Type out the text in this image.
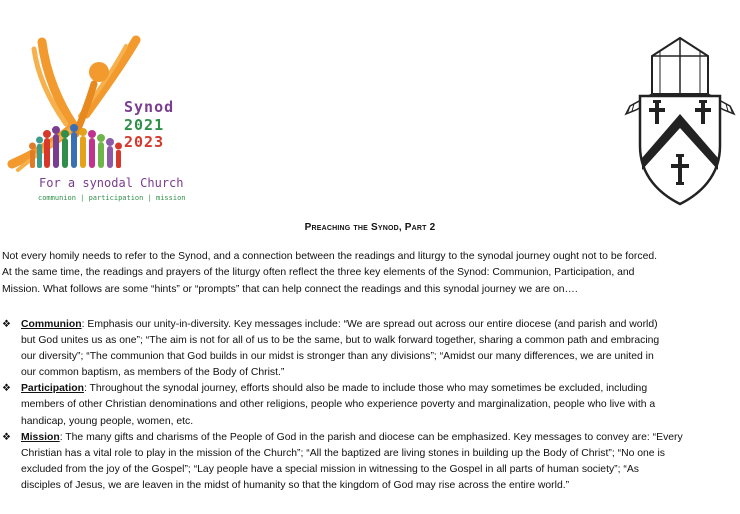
Synod
2021
2023
For a synodal Church
communion | participation | mission
Preaching the Synod, Part 2
Not every homily needs to refer to the Synod, and a connection between the readings and liturgy to the synodal journey ought not to be forced.
At the same time, the readings and prayers of the liturgy often reflect the three key elements of the Synod: Communion, Participation, and
Mission. What follows are some “hints” or “prompts” that can help connect the readings and this synodal journey we are on….
❖ Communion: Emphasis our unity-in-diversity. Key messages include: “We are spread out across our entire diocese (and parish and world)
but God unites us as one”; “The aim is not for all of us to be the same, but to walk forward together, sharing a common path and embracing
our diversity”; “The communion that God builds in our midst is stronger than any divisions”; “Amidst our many differences, we are united in
our common baptism, as members of the Body of Christ.”
❖ Participation: Throughout the synodal journey, efforts should also be made to include those who may sometimes be excluded, including
members of other Christian denominations and other religions, people who experience poverty and marginalization, people who live with a
handicap, young people, women, etc.
❖ Mission: The many gifts and charisms of the People of God in the parish and diocese can be emphasized. Key messages to convey are: “Every
Christian has a vital role to play in the mission of the Church”; “All the baptized are living stones in building up the Body of Christ”; “No one is
excluded from the joy of the Gospel”; “Lay people have a special mission in witnessing to the Gospel in all parts of human society”; “As
disciples of Jesus, we are leaven in the midst of humanity so that the kingdom of God may rise across the entire world.”
